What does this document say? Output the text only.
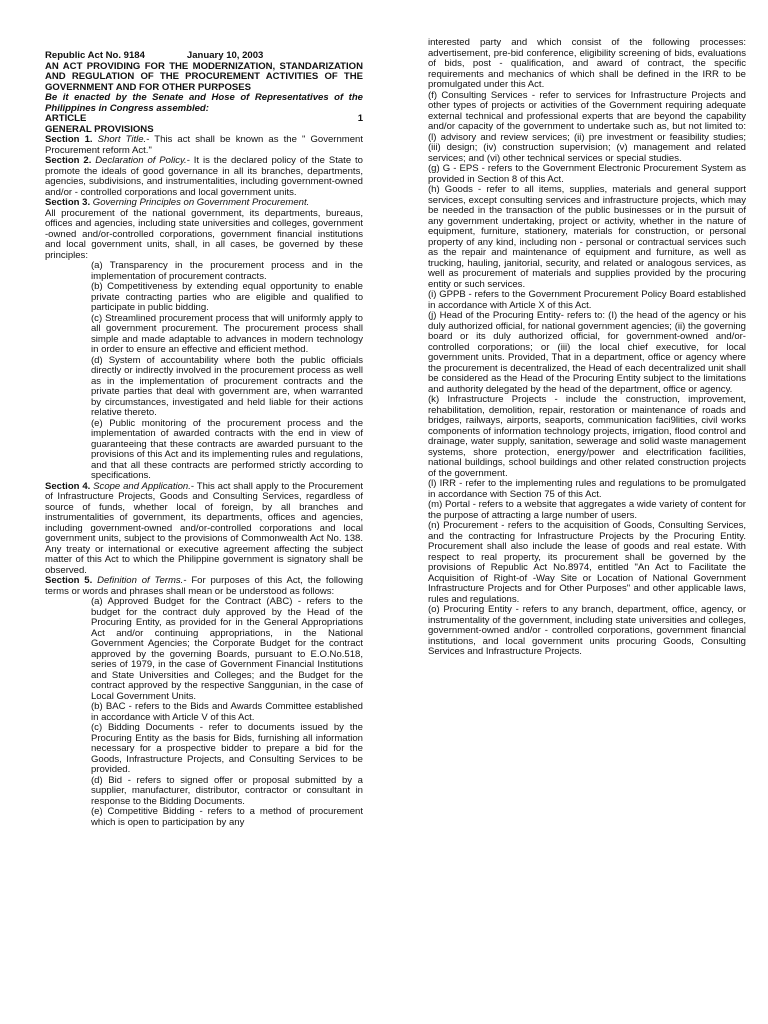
Republic Act No. 9184	January 10, 2003

AN ACT PROVIDING FOR THE MODERNIZATION, STANDARIZATION AND REGULATION OF THE PROCUREMENT ACTIVITIES OF THE GOVERNMENT AND FOR OTHER PURPOSES

Be it enacted by the Senate and Hose of Representatives of the Philippines in Congress assembled:

ARTICLE	1

GENERAL PROVISIONS

Section 1. Short Title.- This act shall be known as the " Government Procurement reform Act."

Section 2. Declaration of Policy.- It is the declared policy of the State to promote the ideals of good governance in all its branches, departments, agencies, subdivisions, and instrumentalities, including government-owned and/or - controlled corporations and local government units.

Section 3. Governing Principles on Government Procurement.

All procurement of the national government, its departments, bureaus, offices and agencies, including state universities and colleges, government -owned and/or-controlled corporations, government financial institutions and local government units, shall, in all cases, be governed by these principles:

(a) Transparency in the procurement process and in the implementation of procurement contracts.

(b) Competitiveness by extending equal opportunity to enable private contracting parties who are eligible and qualified to participate in public bidding.

(c) Streamlined procurement process that will uniformly apply to all government procurement. The procurement process shall simple and made adaptable to advances in modern technology in order to ensure an effective and efficient method.

(d) System of accountability where both the public officials directly or indirectly involved in the procurement process as well as in the implementation of procurement contracts and the private parties that deal with government are, when warranted by circumstances, investigated and held liable for their actions relative thereto.

(e) Public monitoring of the procurement process and the implementation of awarded contracts with the end in view of guaranteeing that these contracts are awarded pursuant to the provisions of this Act and its implementing rules and regulations, and that all these contracts are performed strictly according to specifications.

Section 4. Scope and Application.- This act shall apply to the Procurement of Infrastructure Projects, Goods and Consulting Services, regardless of source of funds, whether local of foreign, by all branches and instrumentalities of government, its departments, offices and agencies, including government-owned and/or-controlled corporations and local government units, subject to the provisions of Commonwealth Act No. 138. Any treaty or international or executive agreement affecting the subject matter of this Act to which the Philippine government is signatory shall be observed.

Section 5. Definition of Terms.- For purposes of this Act, the following terms or words and phrases shall mean or be understood as follows:

(a) Approved Budget for the Contract (ABC) - refers to the budget for the contract duly approved by the Head of the Procuring Entity, as provided for in the General Appropriations Act and/or continuing appropriations, in the National Government Agencies; the Corporate Budget for the contract approved by the governing Boards, pursuant to E.O.No.518, series of 1979, in the case of Government Financial Institutions and State Universities and Colleges; and the Budget for the contract approved by the respective Sanggunian, in the case of Local Government Units.

(b) BAC - refers to the Bids and Awards Committee established in accordance with Article V of this Act.

(c) Bidding Documents - refer to documents issued by the Procuring Entity as the basis for Bids, furnishing all information necessary for a prospective bidder to prepare a bid for the Goods, Infrastructure Projects, and Consulting Services to be provided.

(d) Bid - refers to signed offer or proposal submitted by a supplier, manufacturer, distributor, contractor or consultant in response to the Bidding Documents.

(e) Competitive Bidding - refers to a method of procurement which is open to participation by any

interested party and which consist of the following processes: advertisement, pre-bid conference, eligibility screening of bids, evaluations of bids, post - qualification, and award of contract, the specific requirements and mechanics of which shall be defined in the IRR to be promulgated under this Act.

(f) Consulting Services - refer to services for Infrastructure Projects and other types of projects or activities of the Government requiring adequate external technical and professional experts that are beyond the capability and/or capacity of the government to undertake such as, but not limited to: (l) advisory and review services; (ii) pre investment or feasibility studies; (iii) design; (iv) construction supervision; (v) management and related services; and (vi) other technical services or special studies.

(g) G - EPS - refers to the Government Electronic Procurement System as provided in Section 8 of this Act.

(h) Goods - refer to all items, supplies, materials and general support services, except consulting services and infrastructure projects, which may be needed in the transaction of the public businesses or in the pursuit of any government undertaking, project or activity, whether in the nature of equipment, furniture, stationery, materials for construction, or personal property of any kind, including non - personal or contractual services such as the repair and maintenance of equipment and furniture, as well as trucking, hauling, janitorial, security, and related or analogous services, as well as procurement of materials and supplies provided by the procuring entity or such services.

(i) GPPB - refers to the Government Procurement Policy Board established in accordance with Article X of this Act.

(j) Head of the Procuring Entity- refers to: (I) the head of the agency or his duly authorized official, for national government agencies; (ii) the governing board or its duly authorized official, for government-owned and/or-controlled corporations; or (iii) the local chief executive, for local government units. Provided, That in a department, office or agency where the procurement is decentralized, the Head of each decentralized unit shall be considered as the Head of the Procuring Entity subject to the limitations and authority delegated by the head of the department, office or agency.

(k) Infrastructure Projects - include the construction, improvement, rehabilitation, demolition, repair, restoration or maintenance of roads and bridges, railways, airports, seaports, communication faci9lities, civil works components of information technology projects, irrigation, flood control and drainage, water supply, sanitation, sewerage and solid waste management systems, shore protection, energy/power and electrification facilities, national buildings, school buildings and other related construction projects of the government.

(l) IRR - refer to the implementing rules and regulations to be promulgated in accordance with Section 75 of this Act.

(m) Portal - refers to a website that aggregates a wide variety of content for the purpose of attracting a large number of users.

(n) Procurement - refers to the acquisition of Goods, Consulting Services, and the contracting for Infrastructure Projects by the Procuring Entity. Procurement shall also include the lease of goods and real estate. With respect to real property, its procurement shall be governed by the provisions of Republic Act No.8974, entitled "An Act to Facilitate the Acquisition of Right-of -Way Site or Location of National Government Infrastructure Projects and for Other Purposes" and other applicable laws, rules and regulations.

(o) Procuring Entity - refers to any branch, department, office, agency, or instrumentality of the government, including state universities and colleges, government-owned and/or - controlled corporations, government financial institutions, and local government units procuring Goods, Consulting Services and Infrastructure Projects.
